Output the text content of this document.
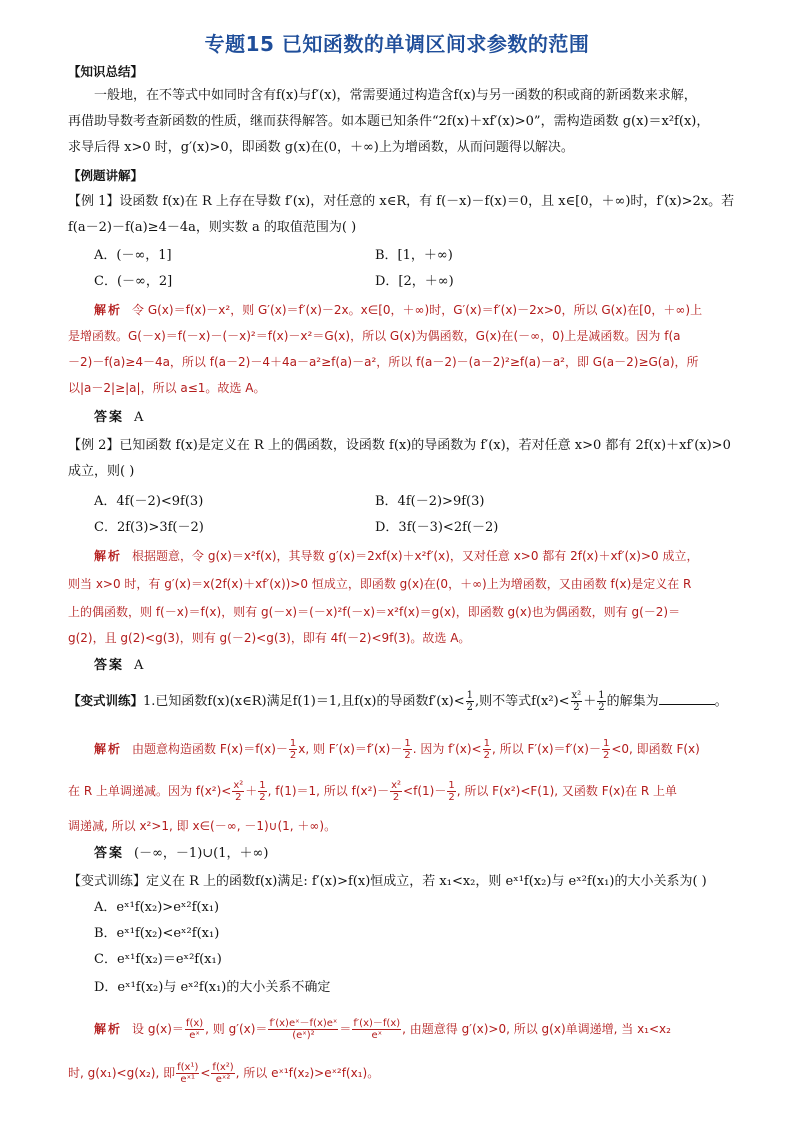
专题15 已知函数的单调区间求参数的范围
【知识总结】
一般地，在不等式中如同时含有f(x)与f′(x)，常需要通过构造含f(x)与另一函数的积或商的新函数来求解，
再借助导数考查新函数的性质，继而获得解答。如本题已知条件“2f(x)＋xf′(x)>0”，需构造函数 g(x)＝x²f(x)，
求导后得 x>0 时，g′(x)>0，即函数 g(x)在(0，＋∞)上为增函数，从而问题得以解决。
【例题讲解】
【例 1】设函数 f(x)在 R 上存在导数 f′(x)，对任意的 x∈R，有 f(－x)－f(x)＝0，且 x∈[0，＋∞)时，f′(x)>2x。若
f(a－2)－f(a)≥4－4a，则实数 a 的取值范围为( )
A．(－∞，1]	B．[1，＋∞)
C．(－∞，2]	D．[2，＋∞)
解析 令 G(x)＝f(x)－x²，则 G′(x)＝f′(x)－2x。x∈[0，＋∞)时，G′(x)＝f′(x)－2x>0，所以 G(x)在[0，＋∞)上
是增函数。G(－x)＝f(－x)－(－x)²＝f(x)－x²＝G(x)，所以 G(x)为偶函数，G(x)在(－∞，0)上是减函数。因为 f(a
－2)－f(a)≥4－4a，所以 f(a－2)－4＋4a－a²≥f(a)－a²，所以 f(a－2)－(a－2)²≥f(a)－a²，即 G(a－2)≥G(a)，所
以|a－2|≥|a|，所以 a≤1。故选 A。
答案 A
【例 2】已知函数 f(x)是定义在 R 上的偶函数，设函数 f(x)的导函数为 f′(x)，若对任意 x>0 都有 2f(x)＋xf′(x)>0
成立，则( )
A．4f(－2)<9f(3)	B．4f(－2)>9f(3)
C．2f(3)>3f(－2)	D．3f(－3)<2f(－2)
解析 根据题意，令 g(x)＝x²f(x)，其导数 g′(x)＝2xf(x)＋x²f′(x)，又对任意 x>0 都有 2f(x)＋xf′(x)>0 成立，
则当 x>0 时，有 g′(x)＝x(2f(x)＋xf′(x))>0 恒成立，即函数 g(x)在(0，＋∞)上为增函数，又由函数 f(x)是定义在 R
上的偶函数，则 f(－x)＝f(x)，则有 g(－x)＝(－x)²f(－x)＝x²f(x)＝g(x)，即函数 g(x)也为偶函数，则有 g(－2)＝
g(2)，且 g(2)<g(3)，则有 g(－2)<g(3)，即有 4f(－2)<9f(3)。故选 A。
答案 A
【变式训练】1.已知函数f(x)(x∈R)满足f(1)＝1,且f(x)的导函数$f'(x)< \frac{1}{2}$ ,则不等式$f(x^2)< \frac{\text{x²}}{2} + \frac{1}{2}$ 的解集为	。
解析 由题意构造函数 $F(x)=f(x)- \frac{1}{2} x$, 则 $F'(x)=f'(x)- \frac{1}{2}$ . 因为 $f'(x)< \frac{1}{2}$ , 所以 $F'(x)=f'(x)- \frac{1}{2} <0$, 即函数 F(x)
在 R 上单调递减。因为 $f(x^2)< \frac{\text{x²}}{2} + \frac{1}{2}$ , f(1)＝1, 所以 $f(x^2)- \frac{\text{x²}}{2} <f(1)- \frac{1}{2}$ , 所以 F(x²)<F(1), 又函数 F(x)在 R 上单
调递减, 所以 x²>1, 即 x∈(－∞, －1)∪(1, ＋∞)。
答案 (－∞，－1)∪(1，＋∞)
【变式训练】定义在 R 上的函数f(x)满足: f′(x)>f(x)恒成立，若 x₁<x₂，则 eˣ¹f(x₂)与 eˣ²f(x₁)的大小关系为( )
A．eˣ¹f(x₂)>eˣ²f(x₁)
B．eˣ¹f(x₂)<eˣ²f(x₁)
C．eˣ¹f(x₂)＝eˣ²f(x₁)
D．eˣ¹f(x₂)与 eˣ²f(x₁)的大小关系不确定
解析 设 $g(x)= \frac{f(x)}{\text{eˣ}}$ , 则 $g'(x)= \frac{\text{f′(x)eˣ－f(x)eˣ}}{\text{(eˣ)²}} = \frac{f'(x)-f(x)}{\text{eˣ}}$ , 由题意得 g′(x)>0, 所以 g(x)单调递增, 当 x₁<x₂
时, g(x₁)<g(x₂), 即 $\frac{\text{f(x¹)}}{\text{eˣ¹}} < \frac{\text{f(x²)}}{\text{eˣ²}}$ , 所以 eˣ¹f(x₂)>eˣ²f(x₁)。
